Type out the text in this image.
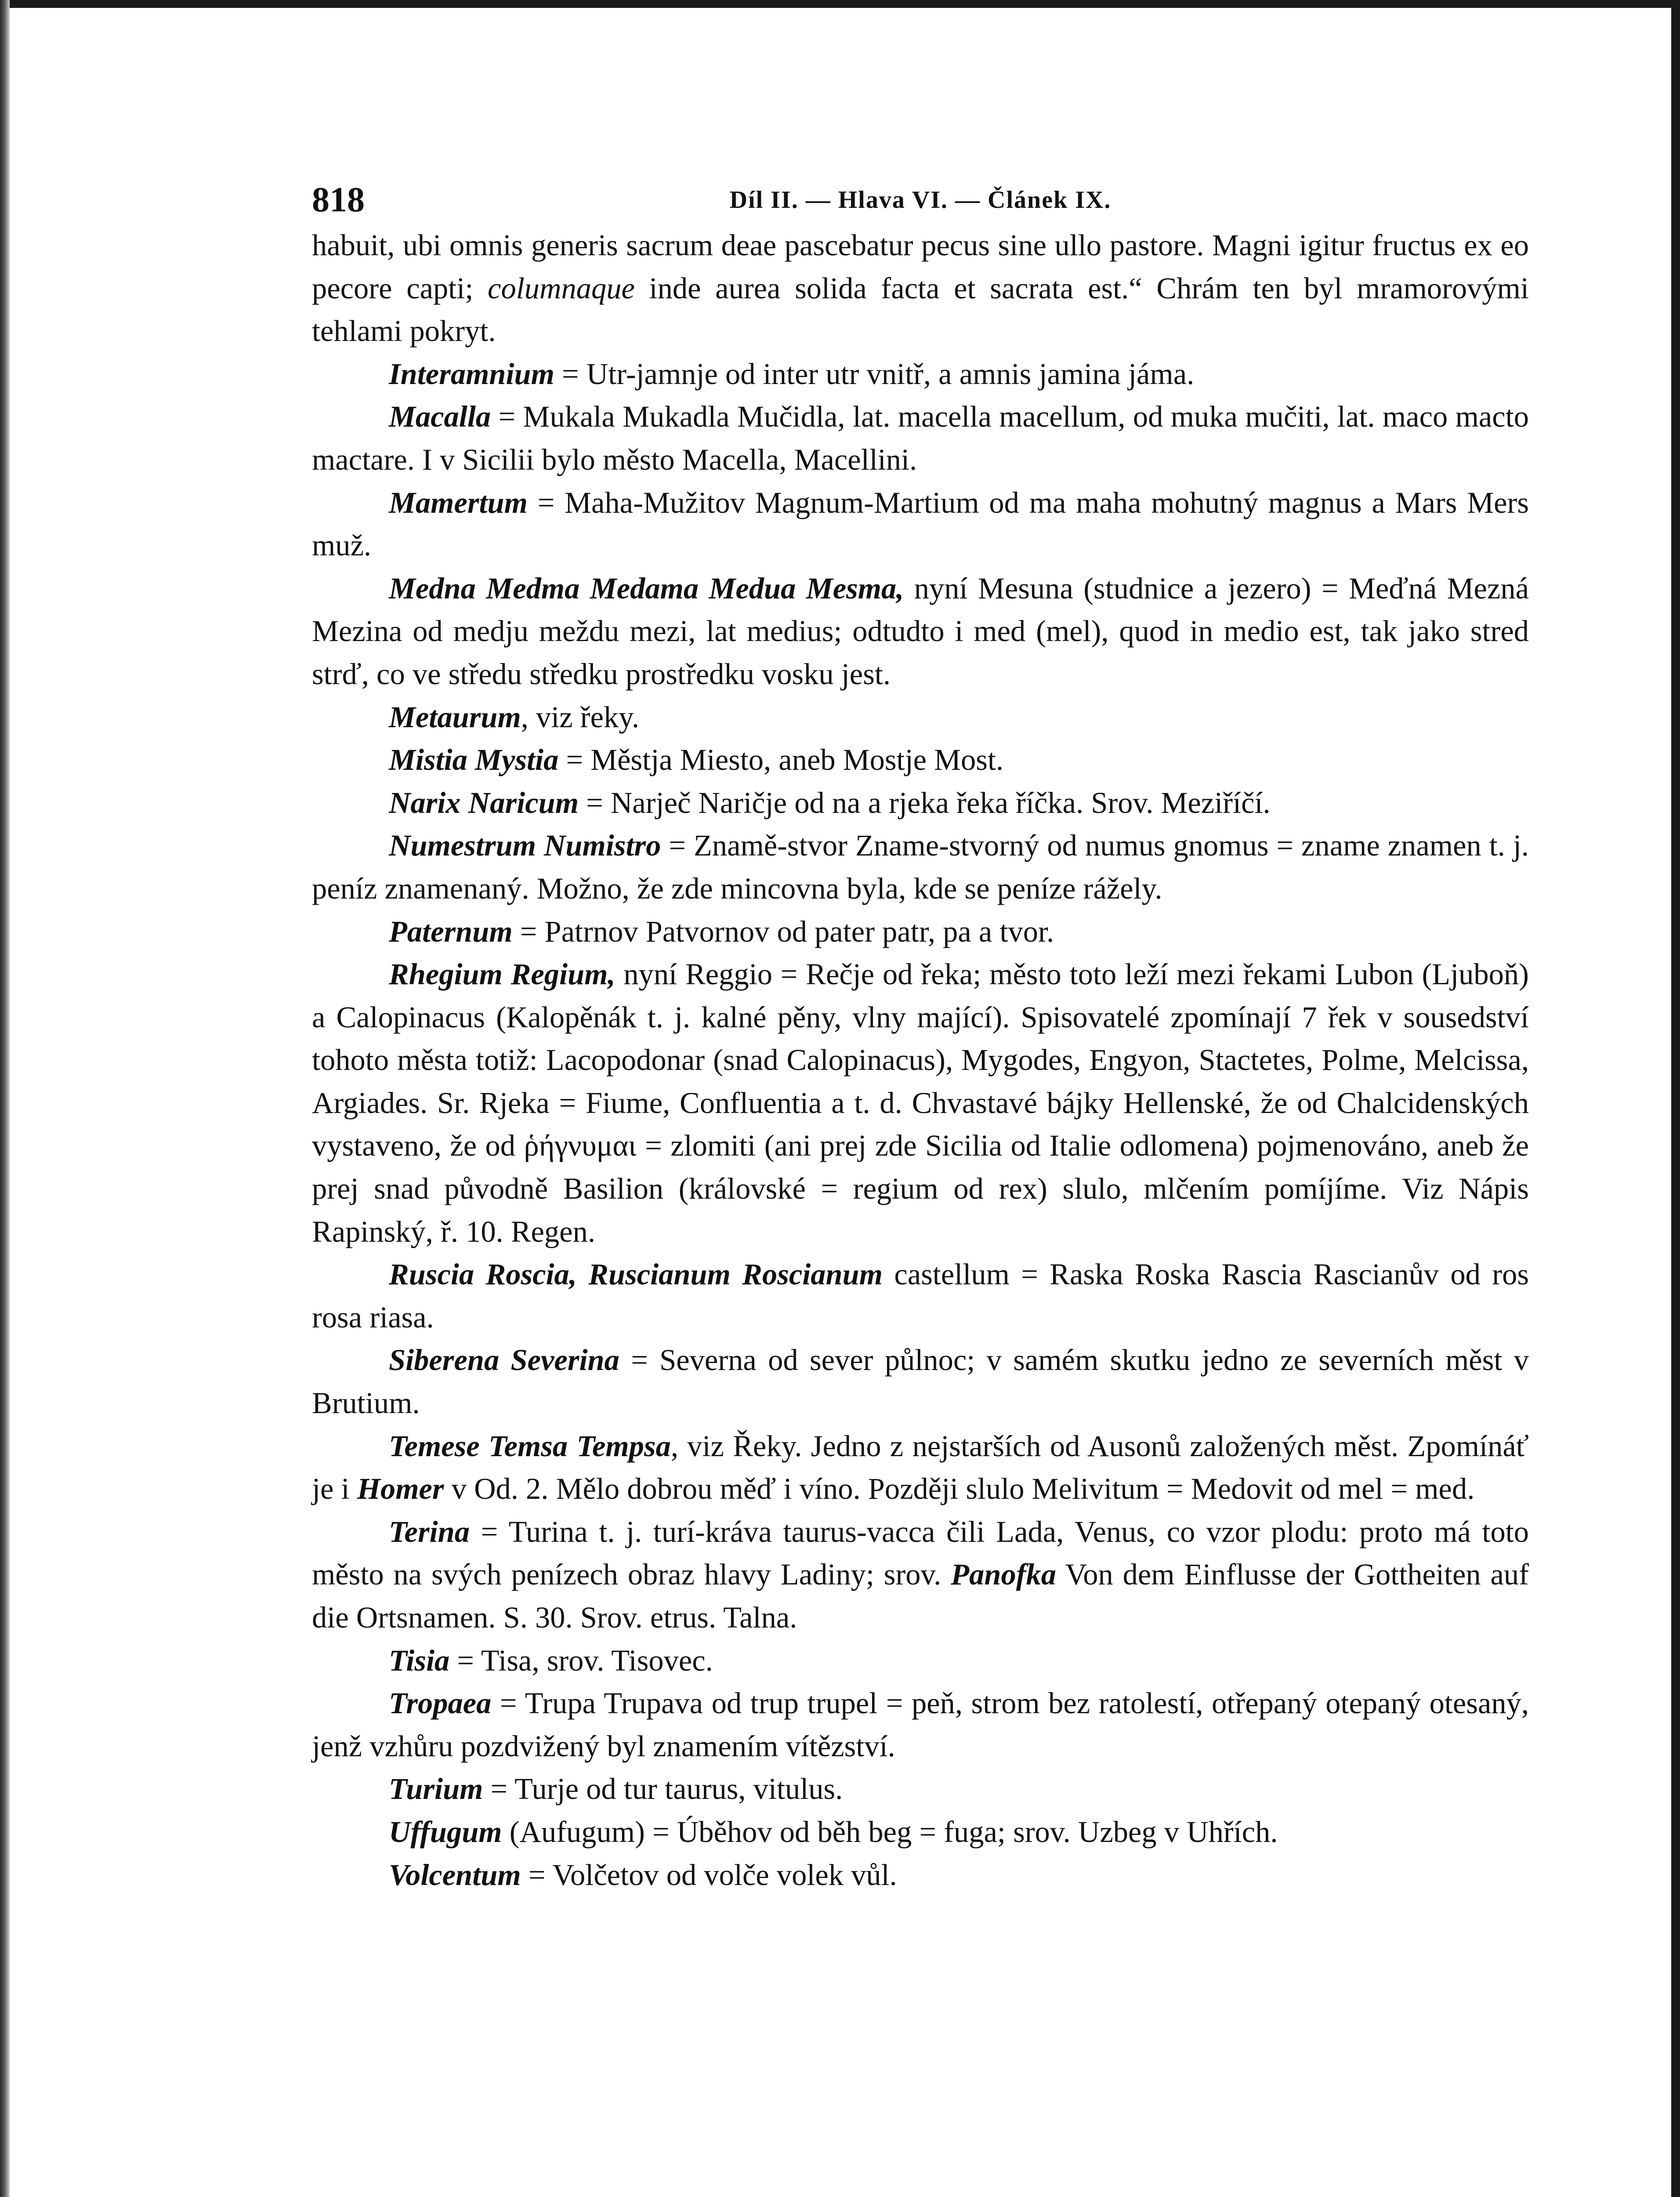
818	Díl II. — Hlava VI. — Článek IX.

habuit, ubi omnis generis sacrum deae pascebatur pecus sine ullo pastore. Magni igitur fructus ex eo pecore capti; columnaque inde aurea solida facta et sacrata est.“ Chrám ten byl mramorovými tehlami pokryt.

Interamnium = Utr-jamnje od inter utr vnitř, a amnis jamina jáma.

Macalla = Mukala Mukadla Mučidla, lat. macella macellum, od muka mučiti, lat. maco macto mactare. I v Sicilii bylo město Macella, Macellini.

Mamertum = Maha-Mužitov Magnum-Martium od ma maha mohutný magnus a Mars Mers muž.

Medna Medma Medama Medua Mesma, nyní Mesuna (studnice a jezero) = Meďná Mezná Mezina od medju meždu mezi, lat medius; odtudto i med (mel), quod in medio est, tak jako stred strď, co ve středu středku prostředku vosku jest.

Metaurum, viz řeky.

Mistia Mystia = Městja Miesto, aneb Mostje Most.

Narix Naricum = Narječ Naričje od na a rjeka řeka říčka. Srov. Meziříčí.

Numestrum Numistro = Znamě-stvor Zname-stvorný od numus gnomus = zname znamen t. j. peníz znamenaný. Možno, že zde mincovna byla, kde se peníze rážely.

Paternum = Patrnov Patvornov od pater patr, pa a tvor.

Rhegium Regium, nyní Reggio = Rečje od řeka; město toto leží mezi řekami Lubon (Ljuboň) a Calopinacus (Kalopěnák t. j. kalné pěny, vlny mající). Spisovatelé zpomínají 7 řek v sousedství tohoto města totiž: Lacopodonar (snad Calopinacus), Mygodes, Engyon, Stactetes, Polme, Melcissa, Argiades. Sr. Rjeka = Fiume, Confluentia a t. d. Chvastavé bájky Hellenské, že od Chalcidenských vystaveno, že od ῥήγνυμαι = zlomiti (ani prej zde Sicilia od Italie odlomena) pojmenováno, aneb že prej snad původně Basilion (královské = regium od rex) slulo, mlčením pomíjíme. Viz Nápis Rapinský, ř. 10. Regen.

Ruscia Roscia, Ruscianum Roscianum castellum = Raska Roska Rascia Rascianův od ros rosa riasa.

Siberena Severina = Severna od sever půlnoc; v samém skutku jedno ze severních měst v Brutium.

Temese Temsa Tempsa, viz Řeky. Jedno z nejstarších od Ausonů založených měst. Zpomínáť je i Homer v Od. 2. Mělo dobrou měď i víno. Později slulo Melivitum = Medovit od mel = med.

Terina = Turina t. j. turí-kráva taurus-vacca čili Lada, Venus, co vzor plodu: proto má toto město na svých penízech obraz hlavy Ladiny; srov. Panofka Von dem Einflusse der Gottheiten auf die Ortsnamen. S. 30. Srov. etrus. Talna.

Tisia = Tisa, srov. Tisovec.

Tropaea = Trupa Trupava od trup trupel = peň, strom bez ratolestí, otřepaný otepaný otesaný, jenž vzhůru pozdvižený byl znamením vítězství.

Turium = Turje od tur taurus, vitulus.

Uffugum (Aufugum) = Úběhov od běh beg = fuga; srov. Uzbeg v Uhřích.

Volcentum = Volčetov od volče volek vůl.
